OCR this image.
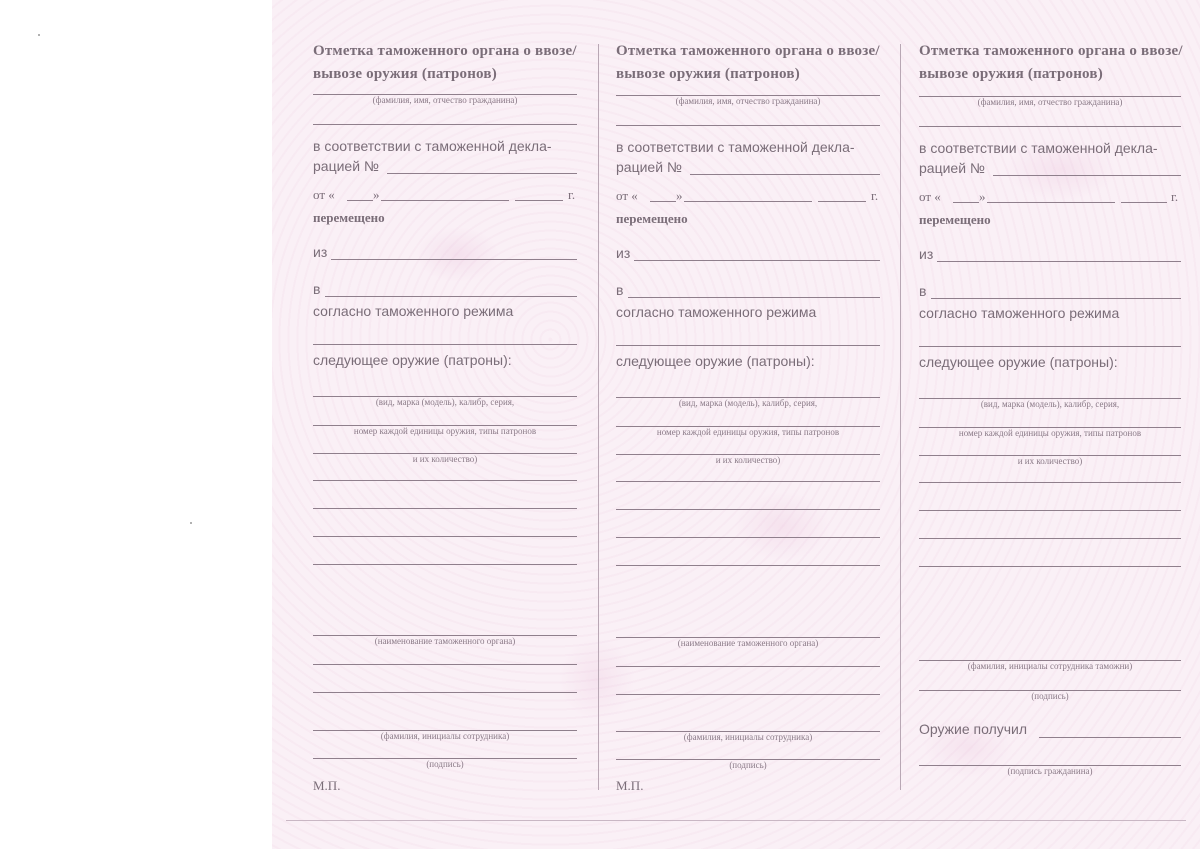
Отметка таможенного органа о ввозе/вывозе оружия (патронов)
(фамилия, имя, отчество гражданина)
в соответствии с таможенной декла-
рацией №
от «	»	г.
перемещено
из
в
согласно таможенного режима
следующее оружие (патроны):
(вид, марка (модель), калибр, серия,
номер каждой единицы оружия, типы патронов
и их количество)
(наименование таможенного органа)
(фамилия, инициалы сотрудника)
(подпись)
М.П.
Отметка таможенного органа о ввозе/вывозе оружия (патронов)
(фамилия, имя, отчество гражданина)
в соответствии с таможенной декла-
рацией №
от «	»	г.
перемещено
из
в
согласно таможенного режима
следующее оружие (патроны):
(вид, марка (модель), калибр, серия,
номер каждой единицы оружия, типы патронов
и их количество)
(наименование таможенного органа)
(фамилия, инициалы сотрудника)
(подпись)
М.П.
Отметка таможенного органа о ввозе/вывозе оружия (патронов)
(фамилия, имя, отчество гражданина)
в соответствии с таможенной декла-
рацией №
от «	»	г.
перемещено
из
в
согласно таможенного режима
следующее оружие (патроны):
(вид, марка (модель), калибр, серия,
номер каждой единицы оружия, типы патронов
и их количество)
(фамилия, инициалы сотрудника таможни)
(подпись)
Оружие получил
(подпись гражданина)
